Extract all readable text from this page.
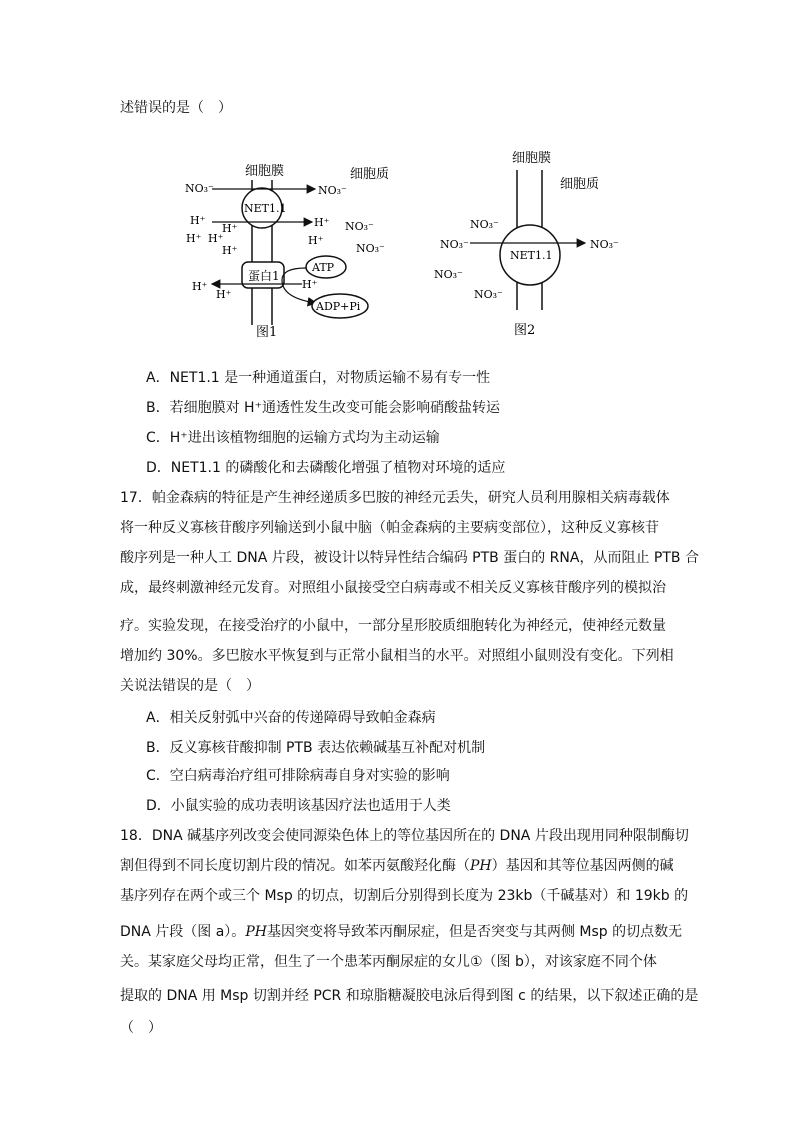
述错误的是（　）
细胞膜	细胞质
NET1.1
NO₃⁻	NO₃⁻
H⁺
H⁺
H⁺ H⁺
H⁺
H⁺
H⁺
NO₃⁻
NO₃⁻
蛋白1
H⁺
H⁺
H⁺
ATP
ADP+Pi
图1
细胞膜
细胞质
NET1.1
NO₃⁻
NO₃⁻
NO₃⁻
NO₃⁻
NO₃⁻
图2
A．NET1.1 是一种通道蛋白，对物质运输不易有专一性
B．若细胞膜对 H⁺通透性发生改变可能会影响硝酸盐转运
C．H⁺进出该植物细胞的运输方式均为主动运输
D．NET1.1 的磷酸化和去磷酸化增强了植物对环境的适应
17．帕金森病的特征是产生神经递质多巴胺的神经元丢失，研究人员利用腺相关病毒载体
将一种反义寡核苷酸序列输送到小鼠中脑（帕金森病的主要病变部位），这种反义寡核苷
酸序列是一种人工 DNA 片段，被设计以特异性结合编码 PTB 蛋白的 RNA，从而阻止 PTB 合
成，最终刺激神经元发育。对照组小鼠接受空白病毒或不相关反义寡核苷酸序列的模拟治
疗。实验发现，在接受治疗的小鼠中，一部分星形胶质细胞转化为神经元，使神经元数量
增加约 30%。多巴胺水平恢复到与正常小鼠相当的水平。对照组小鼠则没有变化。下列相
关说法错误的是（　）
A．相关反射弧中兴奋的传递障碍导致帕金森病
B．反义寡核苷酸抑制 PTB 表达依赖碱基互补配对机制
C．空白病毒治疗组可排除病毒自身对实验的影响
D．小鼠实验的成功表明该基因疗法也适用于人类
18．DNA 碱基序列改变会使同源染色体上的等位基因所在的 DNA 片段出现用同种限制酶切
割但得到不同长度切割片段的情况。如苯丙氨酸羟化酶（PH）基因和其等位基因两侧的碱
基序列存在两个或三个 Msp 的切点，切割后分别得到长度为 23kb（千碱基对）和 19kb 的
DNA 片段（图 a）。PH基因突变将导致苯丙酮尿症，但是否突变与其两侧 Msp 的切点数无
关。某家庭父母均正常，但生了一个患苯丙酮尿症的女儿①（图 b），对该家庭不同个体
提取的 DNA 用 Msp 切割并经 PCR 和琼脂糖凝胶电泳后得到图 c 的结果，以下叙述正确的是
（　）
